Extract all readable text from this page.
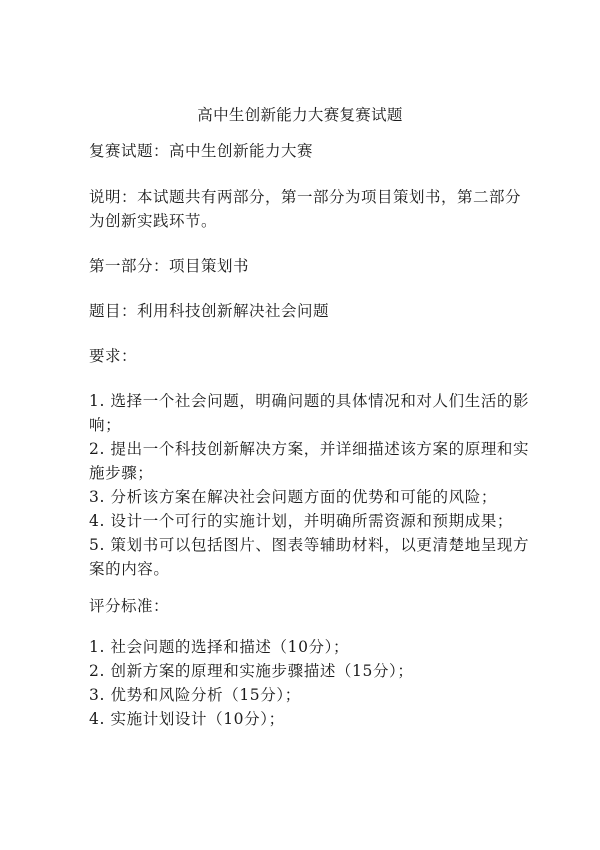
高中生创新能力大赛复赛试题
复赛试题：高中生创新能力大赛
说明：本试题共有两部分，第一部分为项目策划书，第二部分
为创新实践环节。
第一部分：项目策划书
题目：利用科技创新解决社会问题
要求：
1. 选择一个社会问题，明确问题的具体情况和对人们生活的影
响；
2. 提出一个科技创新解决方案，并详细描述该方案的原理和实
施步骤；
3. 分析该方案在解决社会问题方面的优势和可能的风险；
4. 设计一个可行的实施计划，并明确所需资源和预期成果；
5. 策划书可以包括图片、图表等辅助材料，以更清楚地呈现方
案的内容。
评分标准：
1. 社会问题的选择和描述（10分）；
2. 创新方案的原理和实施步骤描述（15分）；
3. 优势和风险分析（15分）；
4. 实施计划设计（10分）；
